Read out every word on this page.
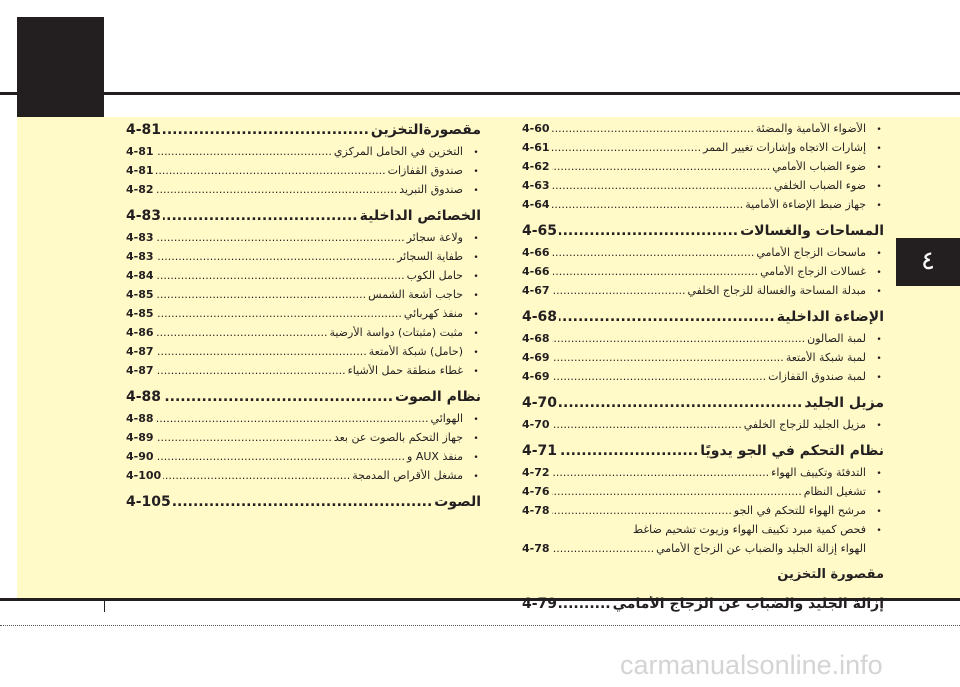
٤
•
الأضواء الأمامية والمضئة
.....
4-60
•
إشارات الاتجاه وإشارات تغيير الممر
.....
4-61
•
ضوء الضباب الأمامي
.....
4-62
•
ضوء الضباب الخلفي
.....
4-63
•
جهاز ضبط الإضاءة الأمامية
.....
4-64
المساحات والغسالات
.....
4-65
•
ماسحات الزجاج الأمامي
.....
4-66
•
غسالات الزجاج الأمامي
.....
4-66
•
مبدلة المساحة والغسالة للزجاج الخلفي
.....
4-67
الإضاءة الداخلية
.....
4-68
•
لمبة الصالون
.....
4-68
•
لمبة شبكة الأمتعة
.....
4-69
•
لمبة صندوق القفازات
.....
4-69
مزيل الجليد
.....
4-70
•
مزيل الجليد للزجاج الخلفي
.....
4-70
نظام التحكم في الجو يدويًا
.....
4-71
•
التدفئة وتكييف الهواء
.....
4-72
•
تشغيل النظام
.....
4-76
•
مرشح الهواء للتحكم في الجو
.....
4-78
•
فحص كمية مبرد تكييف الهواء وزيوت تشحيم ضاغط
الهواء إزالة الجليد والضباب عن الزجاج الأمامي
.....
4-78
مقصورة التخزين
إزالة الجليد والضباب عن الزجاج الأمامي
.....
4-79
مقصورةالتخزين
.....
4-81
•
التخزين في الحامل المركزي
.....
4-81
•
صندوق القفازات
.....
4-81
•
صندوق التبريد
.....
4-82
الخصائص الداخلية
.....
4-83
•
ولاعة سجائر
.....
4-83
•
طفاية السجائر
.....
4-83
•
حامل الكوب
.....
4-84
•
حاجب أشعة الشمس
.....
4-85
•
منفذ كهربائي
.....
4-85
•
مثبت (مثبتات) دواسة الأرضية
.....
4-86
•
(حامل) شبكة الأمتعة
.....
4-87
•
غطاء منطقة حمل الأشياء
.....
4-87
نظام الصوت
.....
4-88
•
الهوائي
.....
4-88
•
جهاز التحكم بالصوت عن بعد
.....
4-89
•
منفذ AUX و
.....
4-90
•
مشغل الأقراص المدمجة
.....
4-100
الصوت
.....
4-105
carmanualsonline.info
